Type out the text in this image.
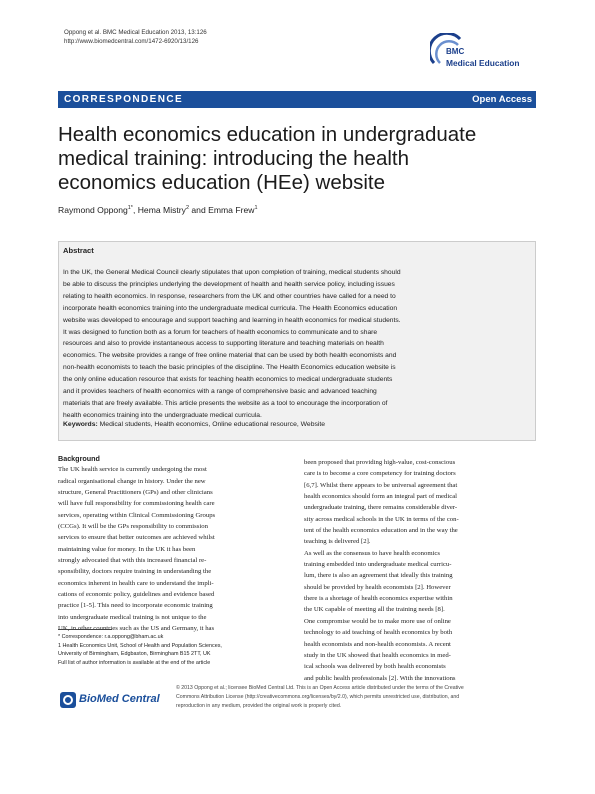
Oppong et al. BMC Medical Education 2013, 13:126
http://www.biomedcentral.com/1472-6920/13/126
BMC
Medical Education
CORRESPONDENCE	Open Access
Health economics education in undergraduate
medical training: introducing the health
economics education (HEe) website
Raymond Oppong$^{1*}$, Hema Mistry$^2$ and Emma Frew$^1$
Abstract
In the UK, the General Medical Council clearly stipulates that upon completion of training, medical students should
be able to discuss the principles underlying the development of health and health service policy, including issues
relating to health economics. In response, researchers from the UK and other countries have called for a need to
incorporate health economics training into the undergraduate medical curricula. The Health Economics education
website was developed to encourage and support teaching and learning in health economics for medical students.
It was designed to function both as a forum for teachers of health economics to communicate and to share
resources and also to provide instantaneous access to supporting literature and teaching materials on health
economics. The website provides a range of free online material that can be used by both health economists and
non-health economists to teach the basic principles of the discipline. The Health Economics education website is
the only online education resource that exists for teaching health economics to medical undergraduate students
and it provides teachers of health economics with a range of comprehensive basic and advanced teaching
materials that are freely available. This article presents the website as a tool to encourage the incorporation of
health economics training into the undergraduate medical curricula.
Keywords: Medical students, Health economics, Online educational resource, Website
Background
The UK health service is currently undergoing the most
radical organisational change in history. Under the new
structure, General Practitioners (GPs) and other clinicians
will have full responsibility for commissioning health care
services, operating within Clinical Commissioning Groups
(CCGs). It will be the GPs responsibility to commission
services to ensure that better outcomes are achieved whilst
maintaining value for money. In the UK it has been
strongly advocated that with this increased financial re-
sponsibility, doctors require training in understanding the
economics inherent in health care to understand the impli-
cations of economic policy, guidelines and evidence based
practice [1-5]. This need to incorporate economic training
into undergraduate medical training is not unique to the
UK, in other countries such as the US and Germany, it has
been proposed that providing high-value, cost-conscious
care is to become a core competency for training doctors
[6,7]. Whilst there appears to be universal agreement that
health economics should form an integral part of medical
undergraduate training, there remains considerable diver-
sity across medical schools in the UK in terms of the con-
tent of the health economics education and in the way the
teaching is delivered [2].
As well as the consensus to have health economics
training embedded into undergraduate medical curricu-
lum, there is also an agreement that ideally this training
should be provided by health economists [2]. However
there is a shortage of health economics expertise within
the UK capable of meeting all the training needs [8].
One compromise would be to make more use of online
technology to aid teaching of health economics by both
health economists and non-health economists. A recent
study in the UK showed that health economics in med-
ical schools was delivered by both health economists
and public health professionals [2]. With the innovations
* Correspondence: r.a.oppong@bham.ac.uk
1 Health Economics Unit, School of Health and Population Sciences,
University of Birmingham, Edgbaston, Birmingham B15 2TT, UK
Full list of author information is available at the end of the article
BioMed Central
© 2013 Oppong et al.; licensee BioMed Central Ltd. This is an Open Access article distributed under the terms of the Creative
Commons Attribution License (http://creativecommons.org/licenses/by/2.0), which permits unrestricted use, distribution, and
reproduction in any medium, provided the original work is properly cited.
